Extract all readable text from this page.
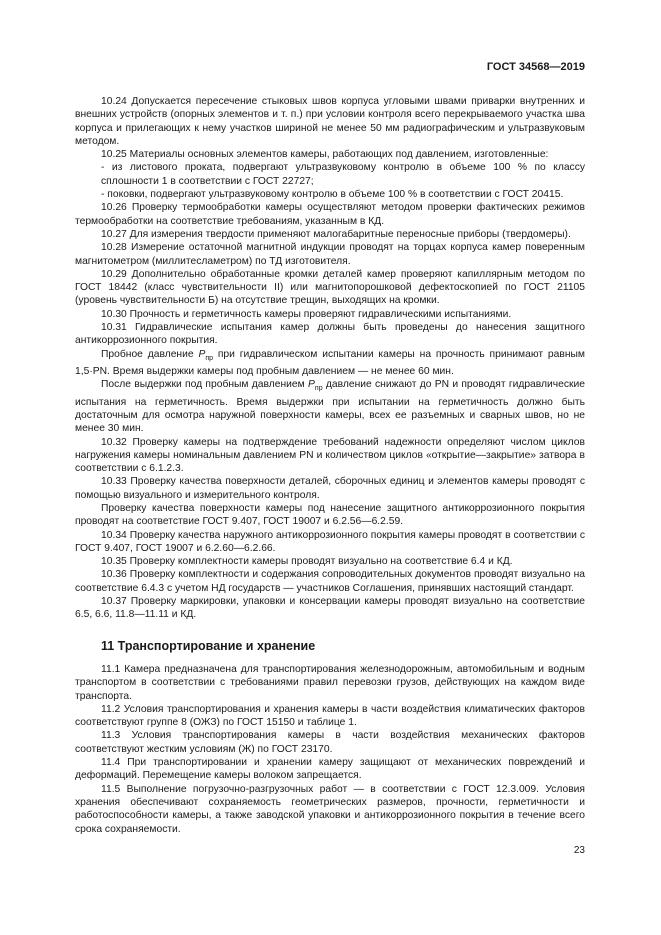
ГОСТ 34568—2019

10.24 Допускается пересечение стыковых швов корпуса угловыми швами приварки внутренних и внешних устройств (опорных элементов и т. п.) при условии контроля всего перекрываемого участка шва корпуса и прилегающих к нему участков шириной не менее 50 мм радиографическим и ультразвуковым методом.

10.25 Материалы основных элементов камеры, работающих под давлением, изготовленные:

- из листового проката, подвергают ультразвуковому контролю в объеме 100 % по классу сплошности 1 в соответствии с ГОСТ 22727;

- поковки, подвергают ультразвуковому контролю в объеме 100 % в соответствии с ГОСТ 20415.

10.26 Проверку термообработки камеры осуществляют методом проверки фактических режимов термообработки на соответствие требованиям, указанным в КД.

10.27 Для измерения твердости применяют малогабаритные переносные приборы (твердомеры).

10.28 Измерение остаточной магнитной индукции проводят на торцах корпуса камер поверенным магнитометром (миллитесламетром) по ТД изготовителя.

10.29 Дополнительно обработанные кромки деталей камер проверяют капиллярным методом по ГОСТ 18442 (класс чувствительности II) или магнитопорошковой дефектоскопией по ГОСТ 21105 (уровень чувствительности Б) на отсутствие трещин, выходящих на кромки.

10.30 Прочность и герметичность камеры проверяют гидравлическими испытаниями.

10.31 Гидравлические испытания камер должны быть проведены до нанесения защитного антикоррозионного покрытия.

Пробное давление $P_{пр}$ при гидравлическом испытании камеры на прочность принимают равным 1,5·PN. Время выдержки камеры под пробным давлением — не менее 60 мин.

После выдержки под пробным давлением $P_{пр}$ давление снижают до PN и проводят гидравлические испытания на герметичность. Время выдержки при испытании на герметичность должно быть достаточным для осмотра наружной поверхности камеры, всех ее разъемных и сварных швов, но не менее 30 мин.

10.32 Проверку камеры на подтверждение требований надежности определяют числом циклов нагружения камеры номинальным давлением PN и количеством циклов «открытие—закрытие» затвора в соответствии с 6.1.2.3.

10.33 Проверку качества поверхности деталей, сборочных единиц и элементов камеры проводят с помощью визуального и измерительного контроля.

Проверку качества поверхности камеры под нанесение защитного антикоррозионного покрытия проводят на соответствие ГОСТ 9.407, ГОСТ 19007 и 6.2.56—6.2.59.

10.34 Проверку качества наружного антикоррозионного покрытия камеры проводят в соответствии с ГОСТ 9.407, ГОСТ 19007 и 6.2.60—6.2.66.

10.35 Проверку комплектности камеры проводят визуально на соответствие 6.4 и КД.

10.36 Проверку комплектности и содержания сопроводительных документов проводят визуально на соответствие 6.4.3 с учетом НД государств — участников Соглашения, принявших настоящий стандарт.

10.37 Проверку маркировки, упаковки и консервации камеры проводят визуально на соответствие 6.5, 6.6, 11.8—11.11 и КД.

11 Транспортирование и хранение

11.1 Камера предназначена для транспортирования железнодорожным, автомобильным и водным транспортом в соответствии с требованиями правил перевозки грузов, действующих на каждом виде транспорта.

11.2 Условия транспортирования и хранения камеры в части воздействия климатических факторов соответствуют группе 8 (ОЖЗ) по ГОСТ 15150 и таблице 1.

11.3 Условия транспортирования камеры в части воздействия механических факторов соответствуют жестким условиям (Ж) по ГОСТ 23170.

11.4 При транспортировании и хранении камеру защищают от механических повреждений и деформаций. Перемещение камеры волоком запрещается.

11.5 Выполнение погрузочно-разгрузочных работ — в соответствии с ГОСТ 12.3.009. Условия хранения обеспечивают сохраняемость геометрических размеров, прочности, герметичности и работоспособности камеры, а также заводской упаковки и антикоррозионного покрытия в течение всего срока сохраняемости.

23
